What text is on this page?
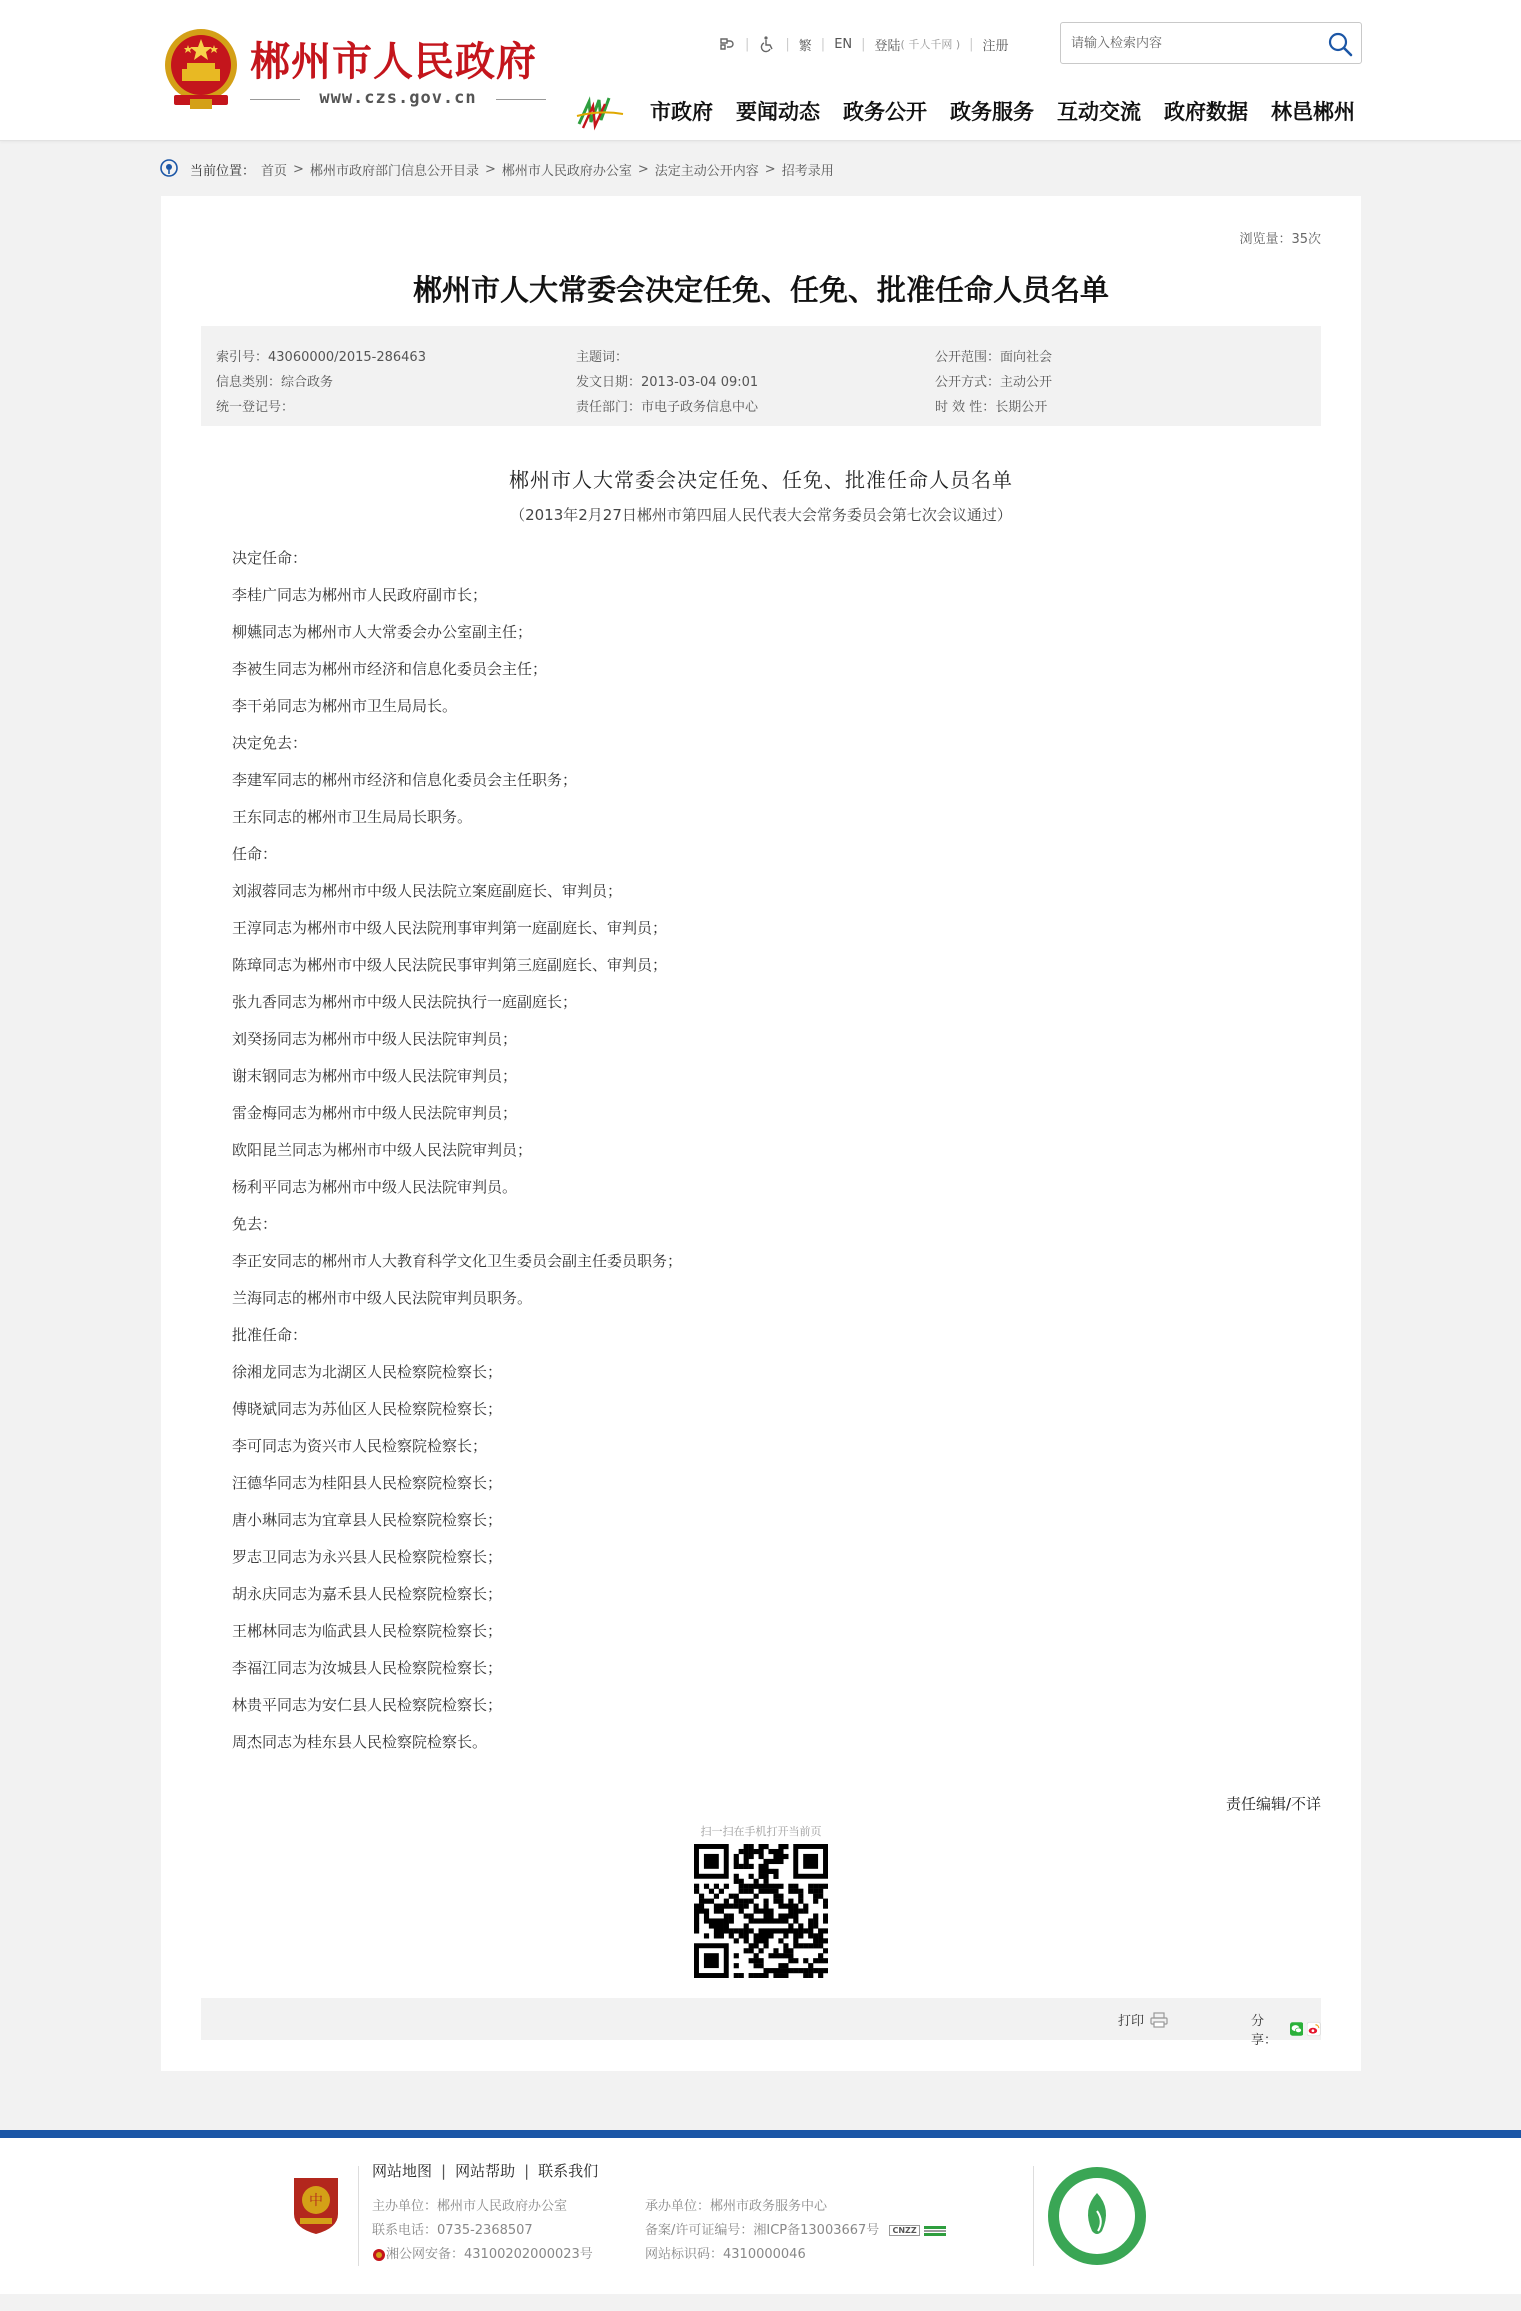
郴州市人民政府
www.czs.gov.cn
|	| 繁 | EN | 登陆 ( 千人千网 ) | 注册
请输入检索内容
市政府 要闻动态 政务公开 政务服务 互动交流 政府数据 林邑郴州
当前位置： 首页 > 郴州市政府部门信息公开目录 > 郴州市人民政府办公室 > 法定主动公开内容 > 招考录用
浏览量：35次
郴州市人大常委会决定任免、任免、批准任命人员名单
索引号：43060000/2015-286463	主题词：	公开范围：面向社会
信息类别：综合政务	发文日期：2013-03-04 09:01	公开方式：主动公开
统一登记号：	责任部门：市电子政务信息中心	时 效 性：长期公开
郴州市人大常委会决定任免、任免、批准任命人员名单
（2013年2月27日郴州市第四届人民代表大会常务委员会第七次会议通过）
决定任命：
李桂广同志为郴州市人民政府副市长；
柳嬿同志为郴州市人大常委会办公室副主任；
李被生同志为郴州市经济和信息化委员会主任；
李干弟同志为郴州市卫生局局长。
决定免去：
李建军同志的郴州市经济和信息化委员会主任职务；
王东同志的郴州市卫生局局长职务。
任命：
刘淑蓉同志为郴州市中级人民法院立案庭副庭长、审判员；
王淳同志为郴州市中级人民法院刑事审判第一庭副庭长、审判员；
陈璋同志为郴州市中级人民法院民事审判第三庭副庭长、审判员；
张九香同志为郴州市中级人民法院执行一庭副庭长；
刘癸扬同志为郴州市中级人民法院审判员；
谢末钢同志为郴州市中级人民法院审判员；
雷金梅同志为郴州市中级人民法院审判员；
欧阳昆兰同志为郴州市中级人民法院审判员；
杨利平同志为郴州市中级人民法院审判员。
免去：
李正安同志的郴州市人大教育科学文化卫生委员会副主任委员职务；
兰海同志的郴州市中级人民法院审判员职务。
批准任命：
徐湘龙同志为北湖区人民检察院检察长；
傅晓斌同志为苏仙区人民检察院检察长；
李可同志为资兴市人民检察院检察长；
汪德华同志为桂阳县人民检察院检察长；
唐小琳同志为宜章县人民检察院检察长；
罗志卫同志为永兴县人民检察院检察长；
胡永庆同志为嘉禾县人民检察院检察长；
王郴林同志为临武县人民检察院检察长；
李福江同志为汝城县人民检察院检察长；
林贵平同志为安仁县人民检察院检察长；
周杰同志为桂东县人民检察院检察长。
责任编辑/不详
扫一扫在手机打开当前页
打印	分享：
中
网站地图 | 网站帮助 | 联系我们
主办单位：郴州市人民政府办公室
联系电话：0735-2368507
湘公网安备：43100202000023号
承办单位：郴州市政务服务中心
备案/许可证编号：湘ICP备13003667号 CNZZ
网站标识码：4310000046
